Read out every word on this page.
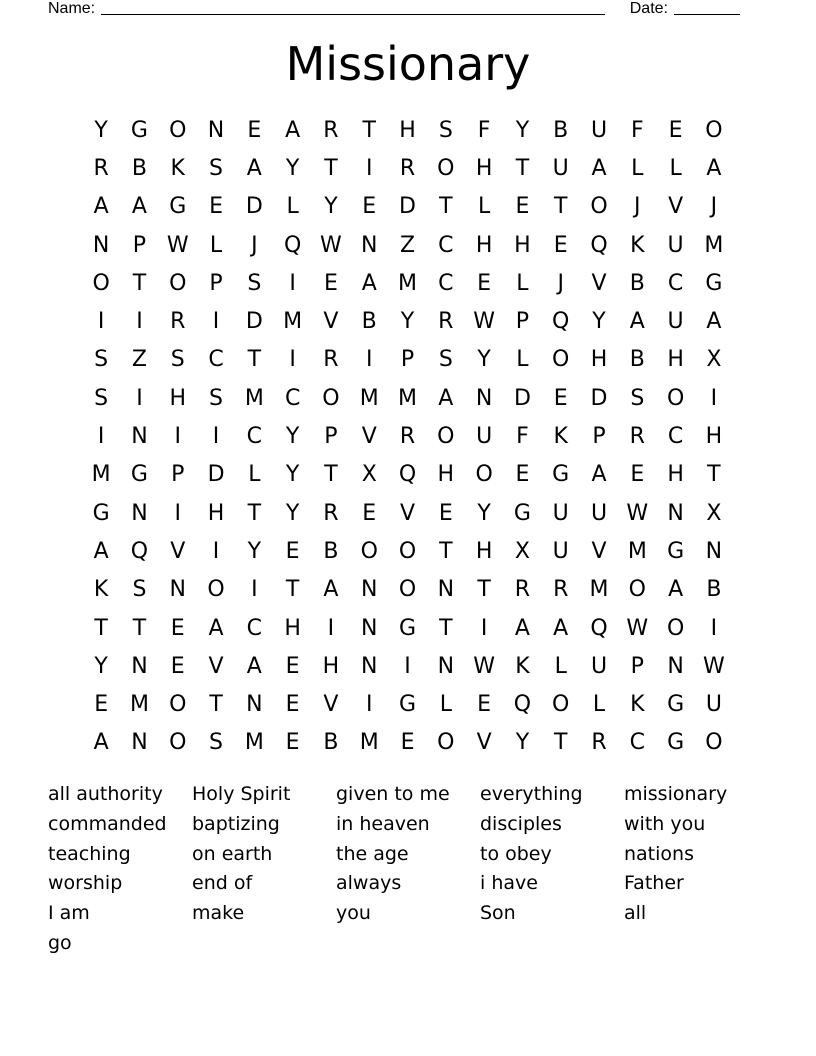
Name:	Date:
Missionary
Y	G O N	E	A	R	T	H	S	F	Y	B	U	F	E	O
R	B	K	S	A	Y	T	I	R O H	T	U	A	L	L	A
A	A	G	E	D	L	Y	E	D	T	L	E	T	O	J	V	J
N	P W L	J	Q W N	Z	C	H H	E	Q	K	U M
O	T	O	P	S	I	E	A M C	E	L	J	V	B	C	G
I	I	R	I	D M V	B	Y	R W P	Q	Y	A	U	A
S	Z	S	C	T	I	R	I	P	S	Y	L	O H	B	H	X
S	I	H	S M C O M M A	N D	E	D	S	O	I
I	N	I	I	C	Y	P	V	R O U	F	K	P	R	C	H
M G	P	D	L	Y	T	X	Q H O	E	G	A	E	H	T
G N	I	H	T	Y	R	E	V	E	Y	G U	U W N	X
A	Q	V	I	Y	E	B	O O	T	H	X	U	V M G N
K	S	N O	I	T	A	N O N	T	R	R M O	A	B
T	T	E	A	C	H	I	N G	T	I	A	A	Q W O	I
Y	N	E	V	A	E	H N	I	N W K	L	U	P	N W
E M O	T	N	E	V	I	G	L	E	Q O	L	K	G U
A	N O	S M E	B M E	O	V	Y	T	R	C	G O
all authority	Holy Spirit	given to me	everything	missionary
commanded	baptizing	in heaven	disciples	with you
teaching	on earth	the age	to obey	nations
worship	end of	always	i have	Father
I am	make	you	Son	all
go
